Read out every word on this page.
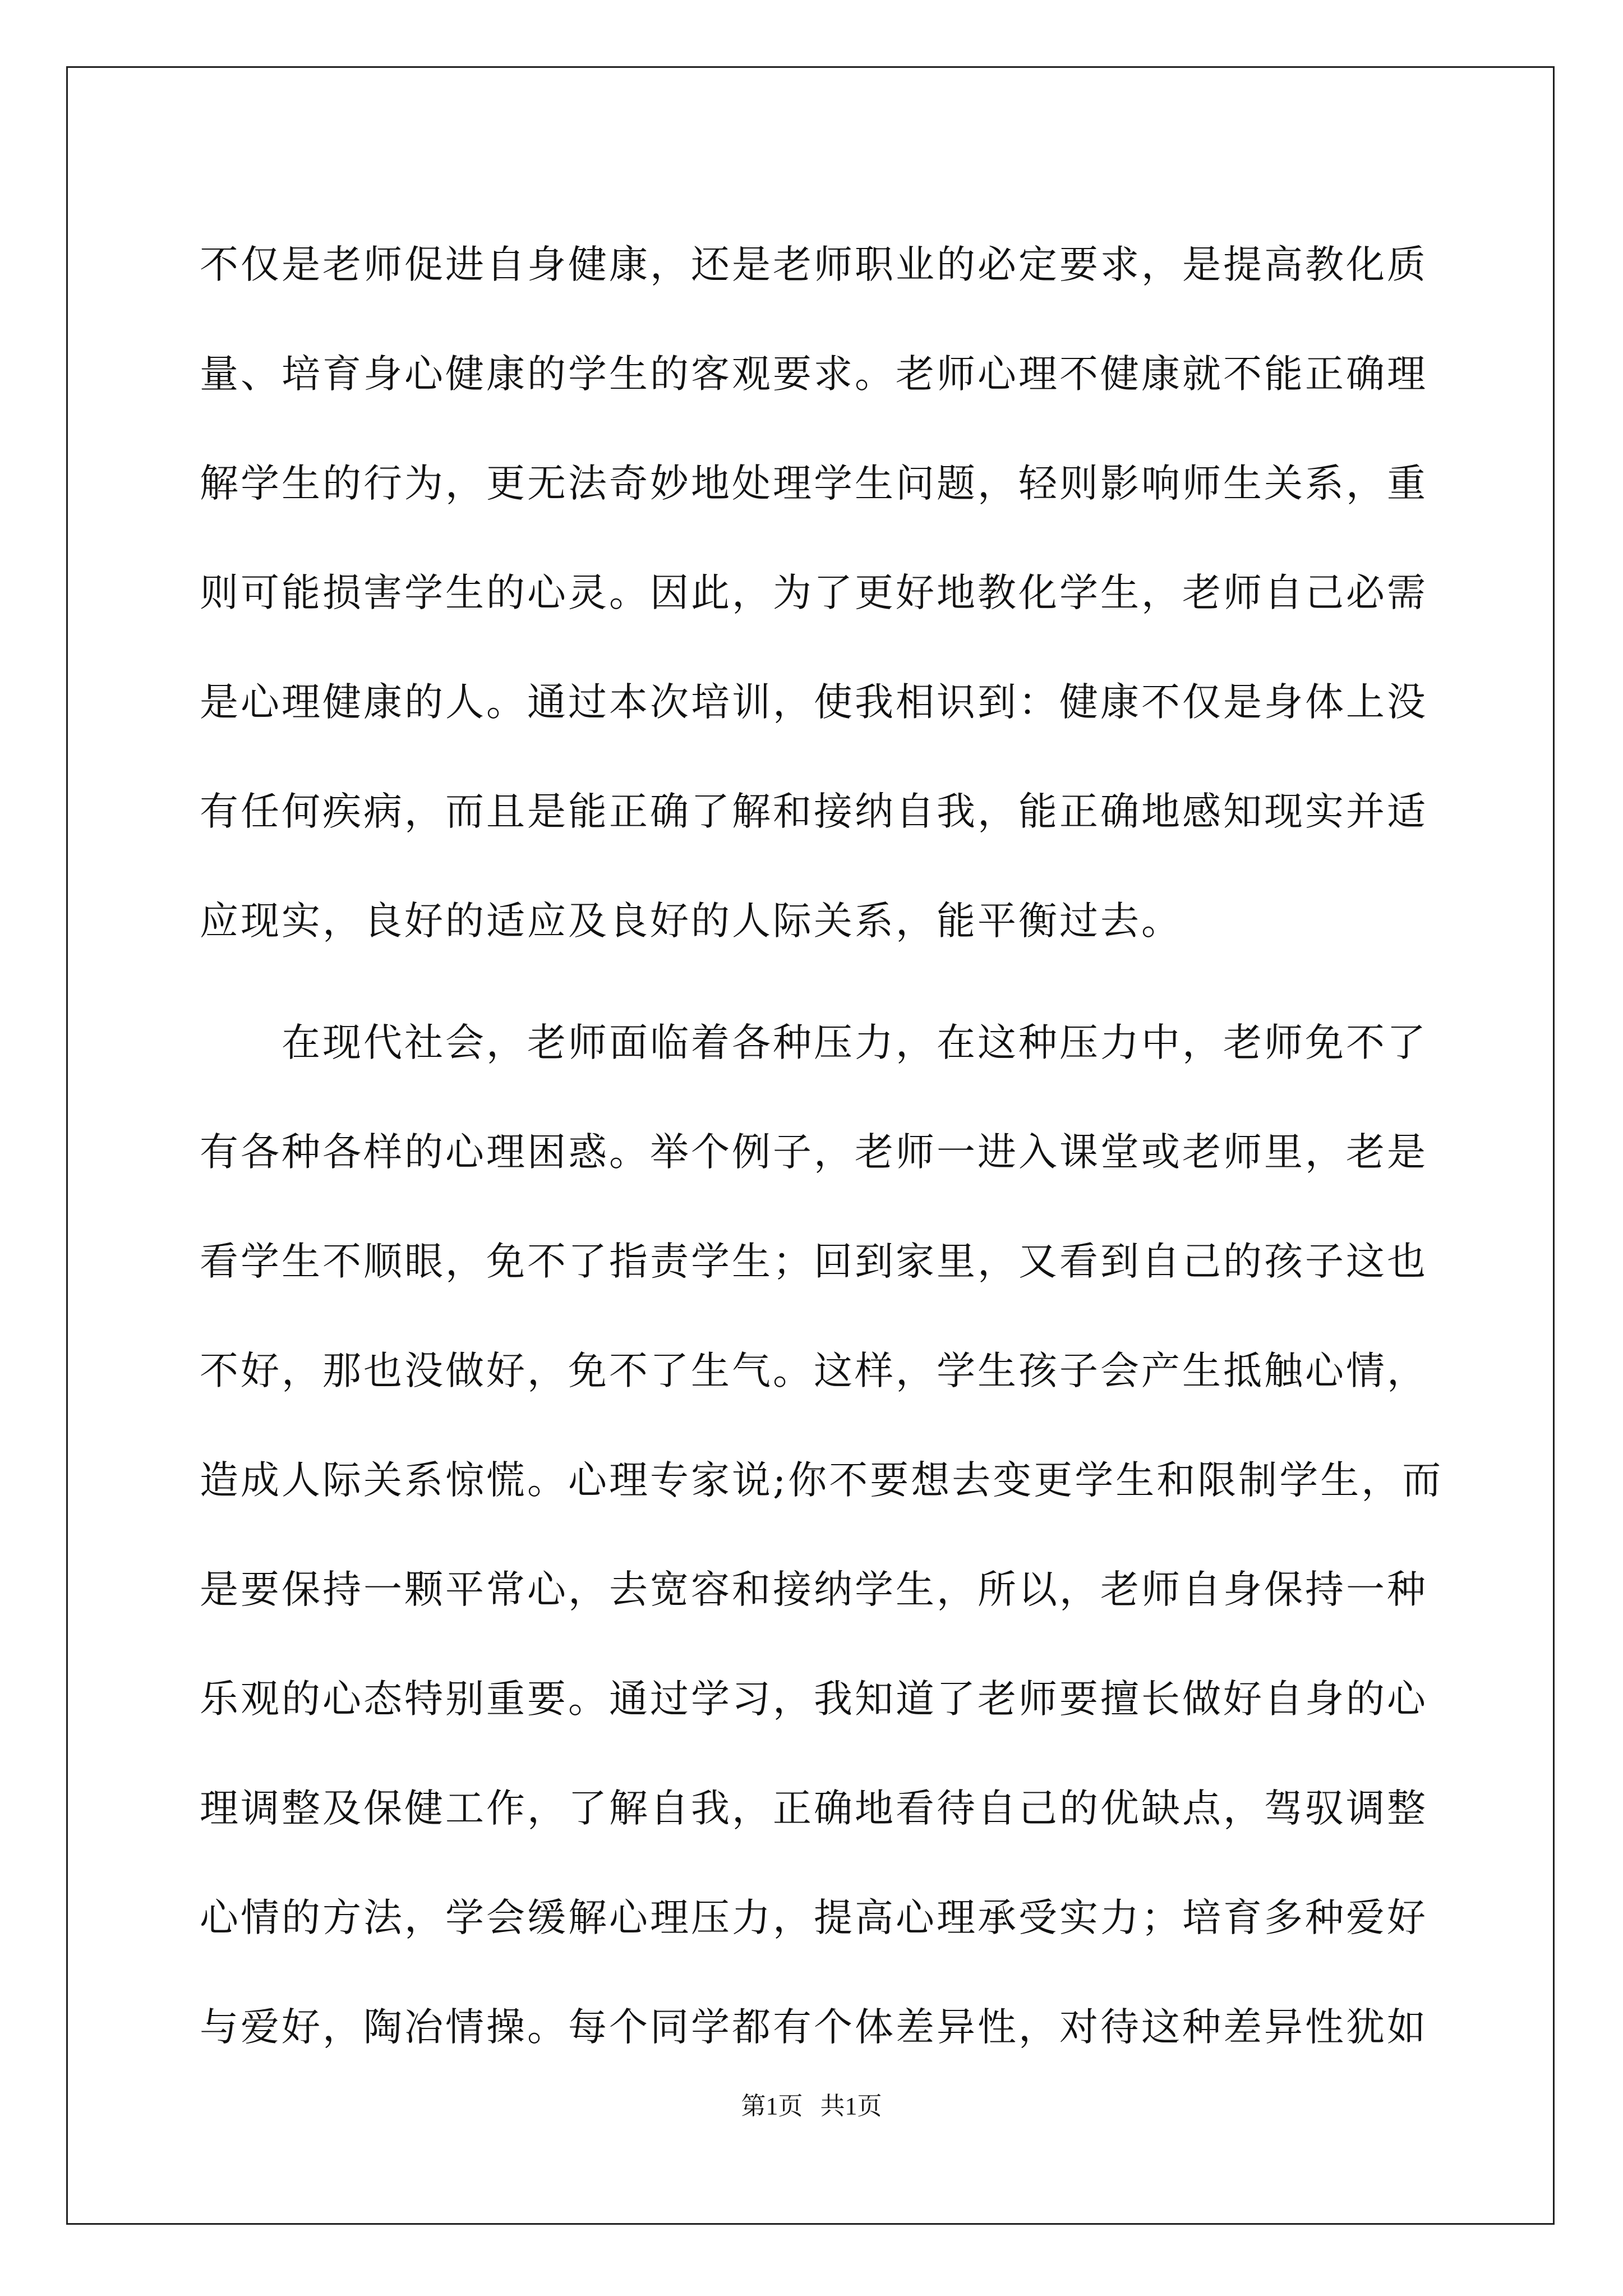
不仅是老师促进自身健康，还是老师职业的必定要求，是提高教化质
量、培育身心健康的学生的客观要求。老师心理不健康就不能正确理
解学生的行为，更无法奇妙地处理学生问题，轻则影响师生关系，重
则可能损害学生的心灵。因此，为了更好地教化学生，老师自己必需
是心理健康的人。通过本次培训，使我相识到：健康不仅是身体上没
有任何疾病，而且是能正确了解和接纳自我，能正确地感知现实并适
应现实，良好的适应及良好的人际关系，能平衡过去。
　　在现代社会，老师面临着各种压力，在这种压力中，老师免不了
有各种各样的心理困惑。举个例子，老师一进入课堂或老师里，老是
看学生不顺眼，免不了指责学生；回到家里，又看到自己的孩子这也
不好，那也没做好，免不了生气。这样，学生孩子会产生抵触心情，
造成人际关系惊慌。心理专家说;你不要想去变更学生和限制学生，而
是要保持一颗平常心，去宽容和接纳学生，所以，老师自身保持一种
乐观的心态特别重要。通过学习，我知道了老师要擅长做好自身的心
理调整及保健工作，了解自我，正确地看待自己的优缺点，驾驭调整
心情的方法，学会缓解心理压力，提高心理承受实力；培育多种爱好
与爱好，陶冶情操。每个同学都有个体差异性，对待这种差异性犹如
第1页 共1页
